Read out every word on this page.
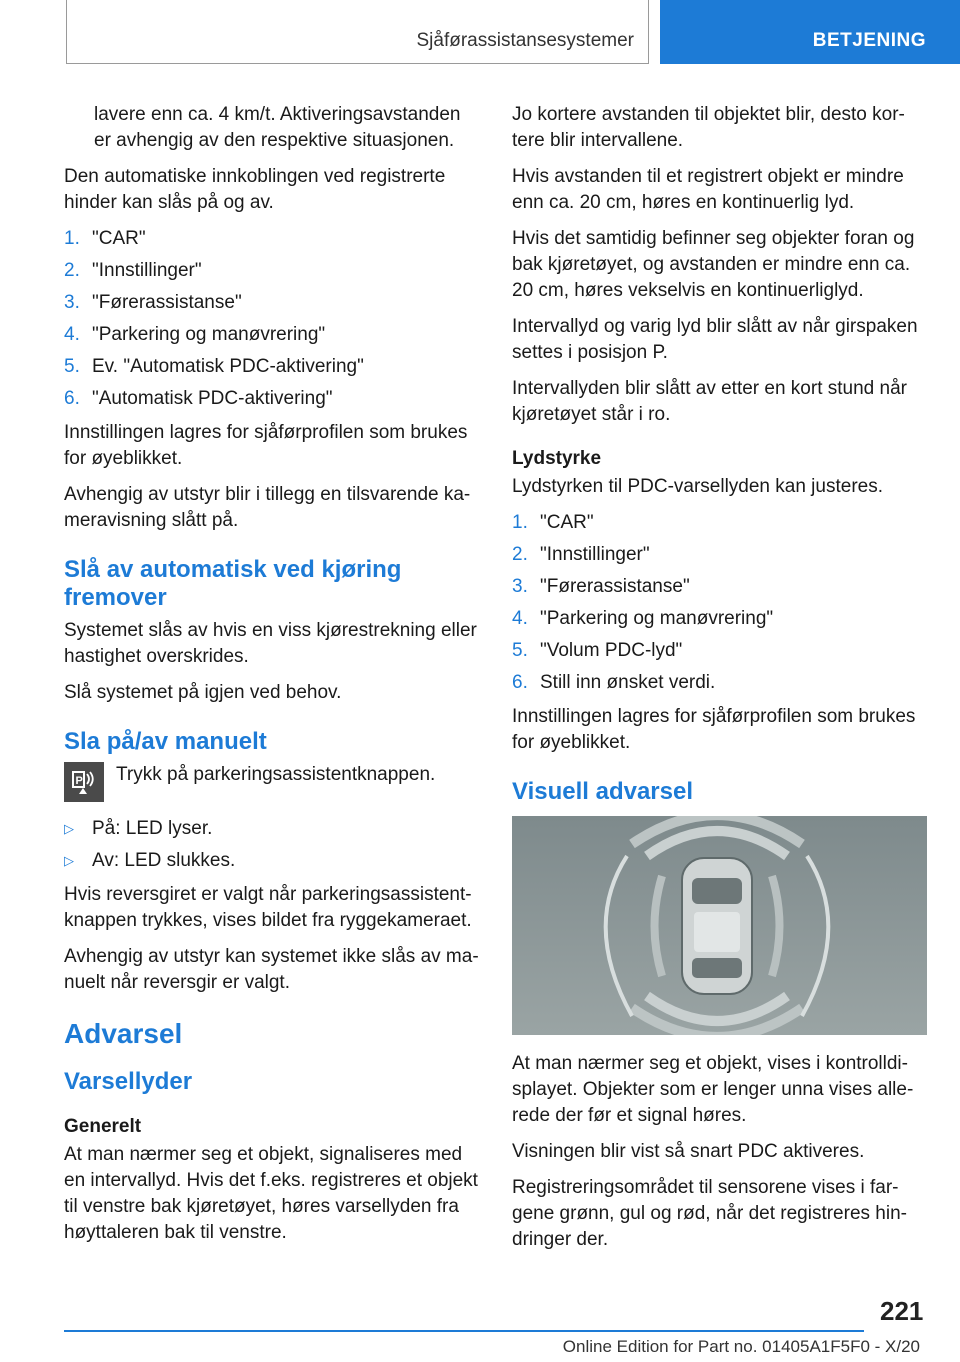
Sjåførassistansesystemer	BETJENING

lavere enn ca. 4 km/t. Aktiveringsavstanden er avhengig av den respektive situasjonen.

Den automatiske innkoblingen ved registrerte hinder kan slås på og av.

1. "CAR"
2. "Innstillinger"
3. "Førerassistanse"
4. "Parkering og manøvrering"
5. Ev. "Automatisk PDC-aktivering"
6. "Automatisk PDC-aktivering"

Innstillingen lagres for sjåførprofilen som brukes for øyeblikket.

Avhengig av utstyr blir i tillegg en tilsvarende ka-meravisning slått på.

Slå av automatisk ved kjøring fremover

Systemet slås av hvis en viss kjørestrekning eller hastighet overskrides.

Slå systemet på igjen ved behov.

Sla på/av manuelt
P Trykk på parkeringsassistentknappen.

▷ På: LED lyser.
▷ Av: LED slukkes.

Hvis reversgiret er valgt når parkeringsassistent-knappen trykkes, vises bildet fra ryggekameraet.

Avhengig av utstyr kan systemet ikke slås av ma-nuelt når reversgir er valgt.

Advarsel
Varsellyder
Generelt

At man nærmer seg et objekt, signaliseres med en intervallyd. Hvis det f.eks. registreres et objekt til venstre bak kjøretøyet, høres varsellyden fra høyttaleren bak til venstre.

Jo kortere avstanden til objektet blir, desto kor-tere blir intervallene.

Hvis avstanden til et registrert objekt er mindre enn ca. 20 cm, høres en kontinuerlig lyd.

Hvis det samtidig befinner seg objekter foran og bak kjøretøyet, og avstanden er mindre enn ca. 20 cm, høres vekselvis en kontinuerliglyd.

Intervallyd og varig lyd blir slått av når girspaken settes i posisjon P.

Intervallyden blir slått av etter en kort stund når kjøretøyet står i ro.

Lydstyrke

Lydstyrken til PDC-varsellyden kan justeres.

1. "CAR"
2. "Innstillinger"
3. "Førerassistanse"
4. "Parkering og manøvrering"
5. "Volum PDC-lyd"
6. Still inn ønsket verdi.

Innstillingen lagres for sjåførprofilen som brukes for øyeblikket.

Visuell advarsel

At man nærmer seg et objekt, vises i kontrolldi-splayet. Objekter som er lenger unna vises alle-rede der før et signal høres.

Visningen blir vist så snart PDC aktiveres.

Registreringsområdet til sensorene vises i far-gene grønn, gul og rød, når det registreres hin-dringer der.

221
Online Edition for Part no. 01405A1F5F0 - X/20
